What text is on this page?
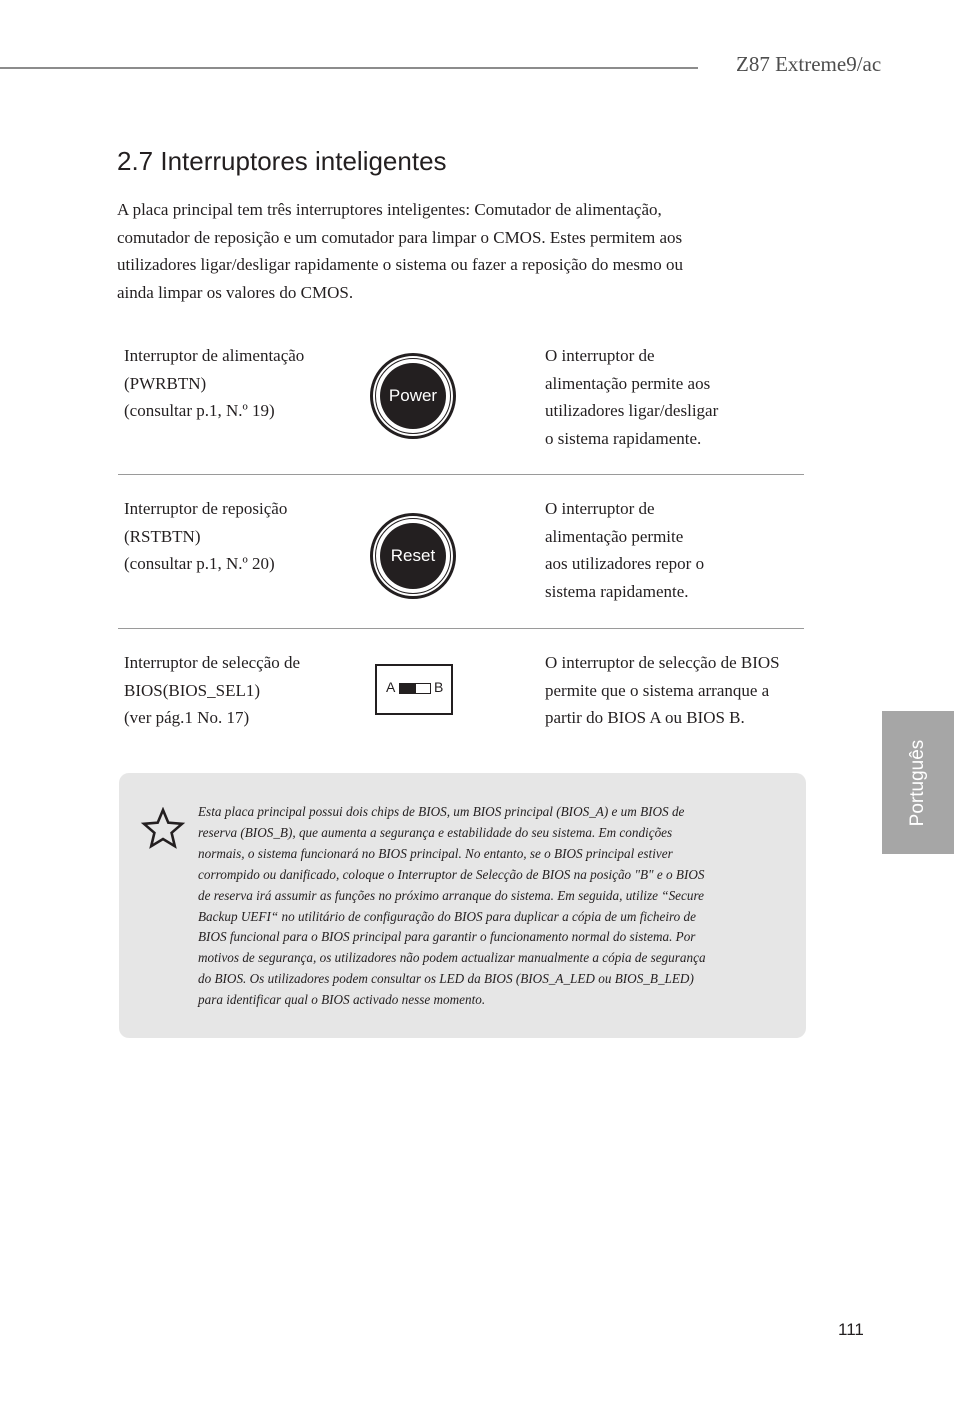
Z87 Extreme9/ac
2.7 Interruptores inteligentes

A placa principal tem três interruptores inteligentes: Comutador de alimentação,

comutador de reposição e um comutador para limpar o CMOS. Estes permitem aos

utilizadores ligar/desligar rapidamente o sistema ou fazer a reposição do mesmo ou

ainda limpar os valores do CMOS.

Interruptor de alimentação
(PWRBTN)
(consultar p.1, N.º 19)
Power
O interruptor de
alimentação permite aos
utilizadores ligar/desligar
o sistema rapidamente.
Interruptor de reposição
(RSTBTN)
(consultar p.1, N.º 20)	Reset
O interruptor de
alimentação permite
aos utilizadores repor o
sistema rapidamente.
Interruptor de selecção de
BIOS(BIOS_SEL1)
(ver pág.1 No. 17)
A	B
O interruptor de selecção de BIOS
permite que o sistema arranque a
partir do BIOS A ou BIOS B.
Esta placa principal possui dois chips de BIOS, um BIOS principal (BIOS_A) e um BIOS de
reserva (BIOS_B), que aumenta a segurança e estabilidade do seu sistema. Em condições
normais, o sistema funcionará no BIOS principal. No entanto, se o BIOS principal estiver
corrompido ou danificado, coloque o Interruptor de Selecção de BIOS na posição "B" e o BIOS
de reserva irá assumir as funções no próximo arranque do sistema. Em seguida, utilize “Secure
Backup UEFI“ no utilitário de configuração do BIOS para duplicar a cópia de um ficheiro de
BIOS funcional para o BIOS principal para garantir o funcionamento normal do sistema. Por
motivos de segurança, os utilizadores não podem actualizar manualmente a cópia de segurança
do BIOS. Os utilizadores podem consultar os LED da BIOS (BIOS_A_LED ou BIOS_B_LED)
para identificar qual o BIOS activado nesse momento.
Português
111
